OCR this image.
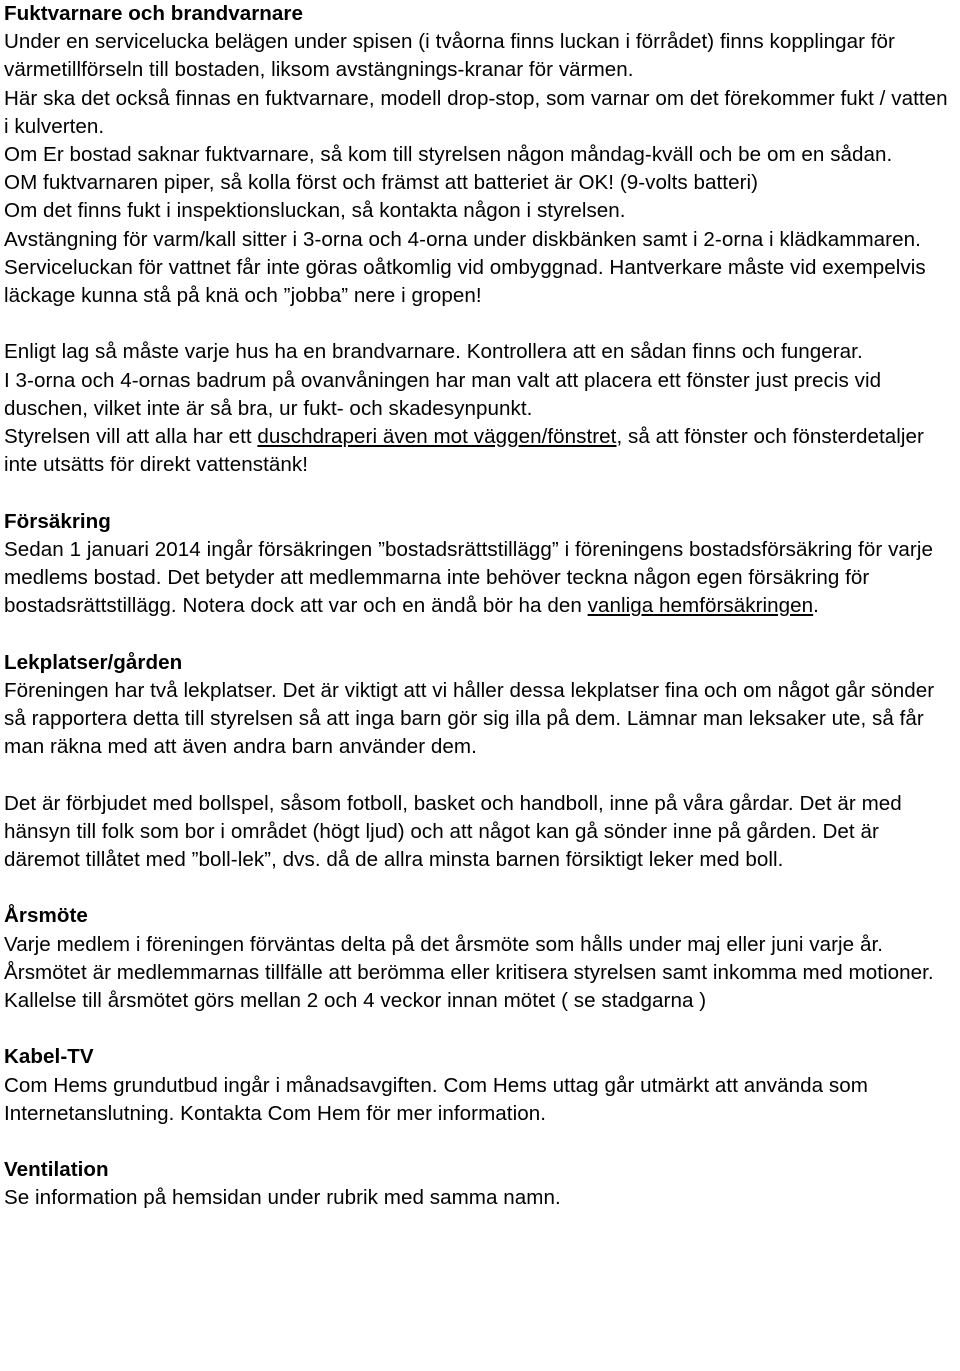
Fuktvarnare och brandvarnare

Under en servicelucka belägen under spisen (i tvåorna finns luckan i förrådet) finns kopplingar för värmetillförseln till bostaden, liksom avstängnings-kranar för värmen.

Här ska det också finnas en fuktvarnare, modell drop-stop, som varnar om det förekommer fukt / vatten i kulverten.

Om Er bostad saknar fuktvarnare, så kom till styrelsen någon måndag-kväll och be om en sådan.

OM fuktvarnaren piper, så kolla först och främst att batteriet är OK! (9-volts batteri)

Om det finns fukt i inspektionsluckan, så kontakta någon i styrelsen.

Avstängning för varm/kall sitter i 3-orna och 4-orna under diskbänken samt i 2-orna i klädkammaren.

Serviceluckan för vattnet får inte göras oåtkomlig vid ombyggnad. Hantverkare måste vid exempelvis läckage kunna stå på knä och ”jobba” nere i gropen!

Enligt lag så måste varje hus ha en brandvarnare. Kontrollera att en sådan finns och fungerar.

I 3-orna och 4-ornas badrum på ovanvåningen har man valt att placera ett fönster just precis vid duschen, vilket inte är så bra, ur fukt- och skadesynpunkt.

Styrelsen vill att alla har ett duschdraperi även mot väggen/fönstret, så att fönster och fönsterdetaljer inte utsätts för direkt vattenstänk!

Försäkring

Sedan 1 januari 2014 ingår försäkringen ”bostadsrättstillägg” i föreningens bostadsförsäkring för varje medlems bostad. Det betyder att medlemmarna inte behöver teckna någon egen försäkring för bostadsrättstillägg. Notera dock att var och en ändå bör ha den vanliga hemförsäkringen.

Lekplatser/gården

Föreningen har två lekplatser. Det är viktigt att vi håller dessa lekplatser fina och om något går sönder så rapportera detta till styrelsen så att inga barn gör sig illa på dem. Lämnar man leksaker ute, så får man räkna med att även andra barn använder dem.

Det är förbjudet med bollspel, såsom fotboll, basket och handboll, inne på våra gårdar. Det är med hänsyn till folk som bor i området (högt ljud) och att något kan gå sönder inne på gården. Det är däremot tillåtet med ”boll-lek”, dvs. då de allra minsta barnen försiktigt leker med boll.

Årsmöte

Varje medlem i föreningen förväntas delta på det årsmöte som hålls under maj eller juni varje år. Årsmötet är medlemmarnas tillfälle att berömma eller kritisera styrelsen samt inkomma med motioner. Kallelse till årsmötet görs mellan 2 och 4 veckor innan mötet ( se stadgarna )

Kabel-TV

Com Hems grundutbud ingår i månadsavgiften. Com Hems uttag går utmärkt att använda som Internetanslutning. Kontakta Com Hem för mer information.

Ventilation

Se information på hemsidan under rubrik med samma namn.
